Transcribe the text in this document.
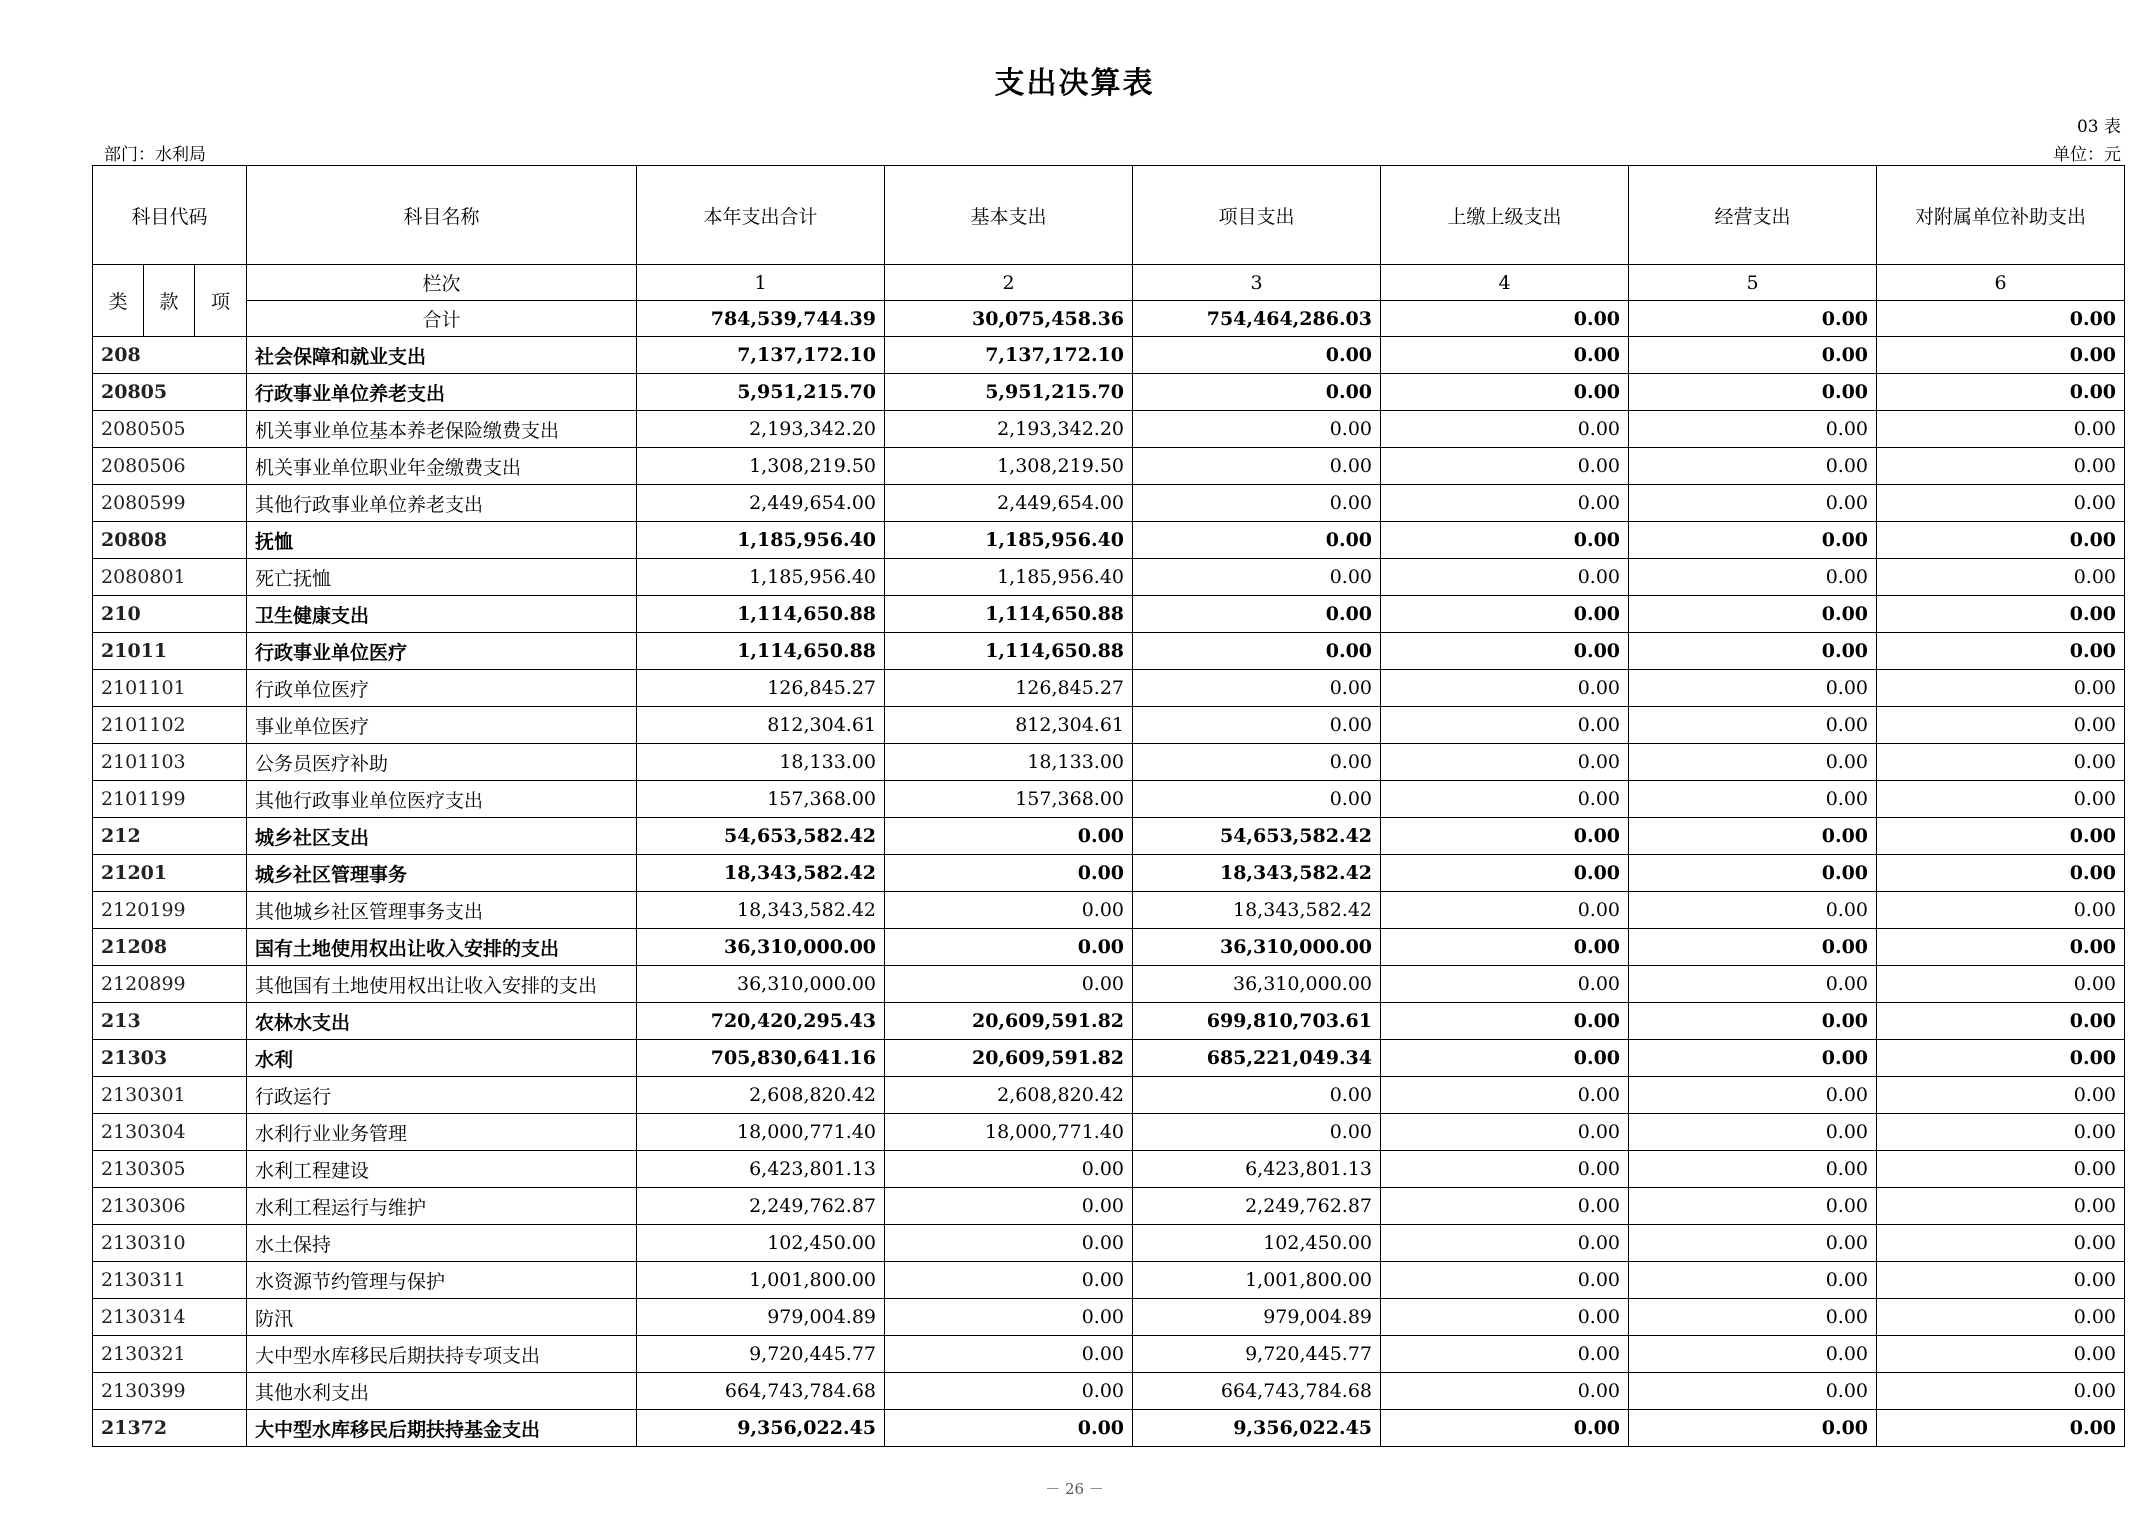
支出决算表
03 表
部门：水利局	单位：元
科目代码			科目名称	本年支出合计	基本支出	项目支出	上缴上级支出	经营支出	对附属单位补助支出
类	款	项	栏次	1	2	3	4	5	6
			合计	784,539,744.39	30,075,458.36	754,464,286.03	0.00	0.00	0.00
208			社会保障和就业支出	7,137,172.10	7,137,172.10	0.00	0.00	0.00	0.00
20805			行政事业单位养老支出	5,951,215.70	5,951,215.70	0.00	0.00	0.00	0.00
2080505			机关事业单位基本养老保险缴费支出	2,193,342.20	2,193,342.20	0.00	0.00	0.00	0.00
2080506			机关事业单位职业年金缴费支出	1,308,219.50	1,308,219.50	0.00	0.00	0.00	0.00
2080599			其他行政事业单位养老支出	2,449,654.00	2,449,654.00	0.00	0.00	0.00	0.00
20808			抚恤	1,185,956.40	1,185,956.40	0.00	0.00	0.00	0.00
2080801			死亡抚恤	1,185,956.40	1,185,956.40	0.00	0.00	0.00	0.00
210			卫生健康支出	1,114,650.88	1,114,650.88	0.00	0.00	0.00	0.00
21011			行政事业单位医疗	1,114,650.88	1,114,650.88	0.00	0.00	0.00	0.00
2101101			行政单位医疗	126,845.27	126,845.27	0.00	0.00	0.00	0.00
2101102			事业单位医疗	812,304.61	812,304.61	0.00	0.00	0.00	0.00
2101103			公务员医疗补助	18,133.00	18,133.00	0.00	0.00	0.00	0.00
2101199			其他行政事业单位医疗支出	157,368.00	157,368.00	0.00	0.00	0.00	0.00
212			城乡社区支出	54,653,582.42	0.00	54,653,582.42	0.00	0.00	0.00
21201			城乡社区管理事务	18,343,582.42	0.00	18,343,582.42	0.00	0.00	0.00
2120199			其他城乡社区管理事务支出	18,343,582.42	0.00	18,343,582.42	0.00	0.00	0.00
21208			国有土地使用权出让收入安排的支出	36,310,000.00	0.00	36,310,000.00	0.00	0.00	0.00
2120899			其他国有土地使用权出让收入安排的支出	36,310,000.00	0.00	36,310,000.00	0.00	0.00	0.00
213			农林水支出	720,420,295.43	20,609,591.82	699,810,703.61	0.00	0.00	0.00
21303			水利	705,830,641.16	20,609,591.82	685,221,049.34	0.00	0.00	0.00
2130301			行政运行	2,608,820.42	2,608,820.42	0.00	0.00	0.00	0.00
2130304			水利行业业务管理	18,000,771.40	18,000,771.40	0.00	0.00	0.00	0.00
2130305			水利工程建设	6,423,801.13	0.00	6,423,801.13	0.00	0.00	0.00
2130306			水利工程运行与维护	2,249,762.87	0.00	2,249,762.87	0.00	0.00	0.00
2130310			水土保持	102,450.00	0.00	102,450.00	0.00	0.00	0.00
2130311			水资源节约管理与保护	1,001,800.00	0.00	1,001,800.00	0.00	0.00	0.00
2130314			防汛	979,004.89	0.00	979,004.89	0.00	0.00	0.00
2130321			大中型水库移民后期扶持专项支出	9,720,445.77	0.00	9,720,445.77	0.00	0.00	0.00
2130399			其他水利支出	664,743,784.68	0.00	664,743,784.68	0.00	0.00	0.00
21372			大中型水库移民后期扶持基金支出	9,356,022.45	0.00	9,356,022.45	0.00	0.00	0.00
－ 26 －
